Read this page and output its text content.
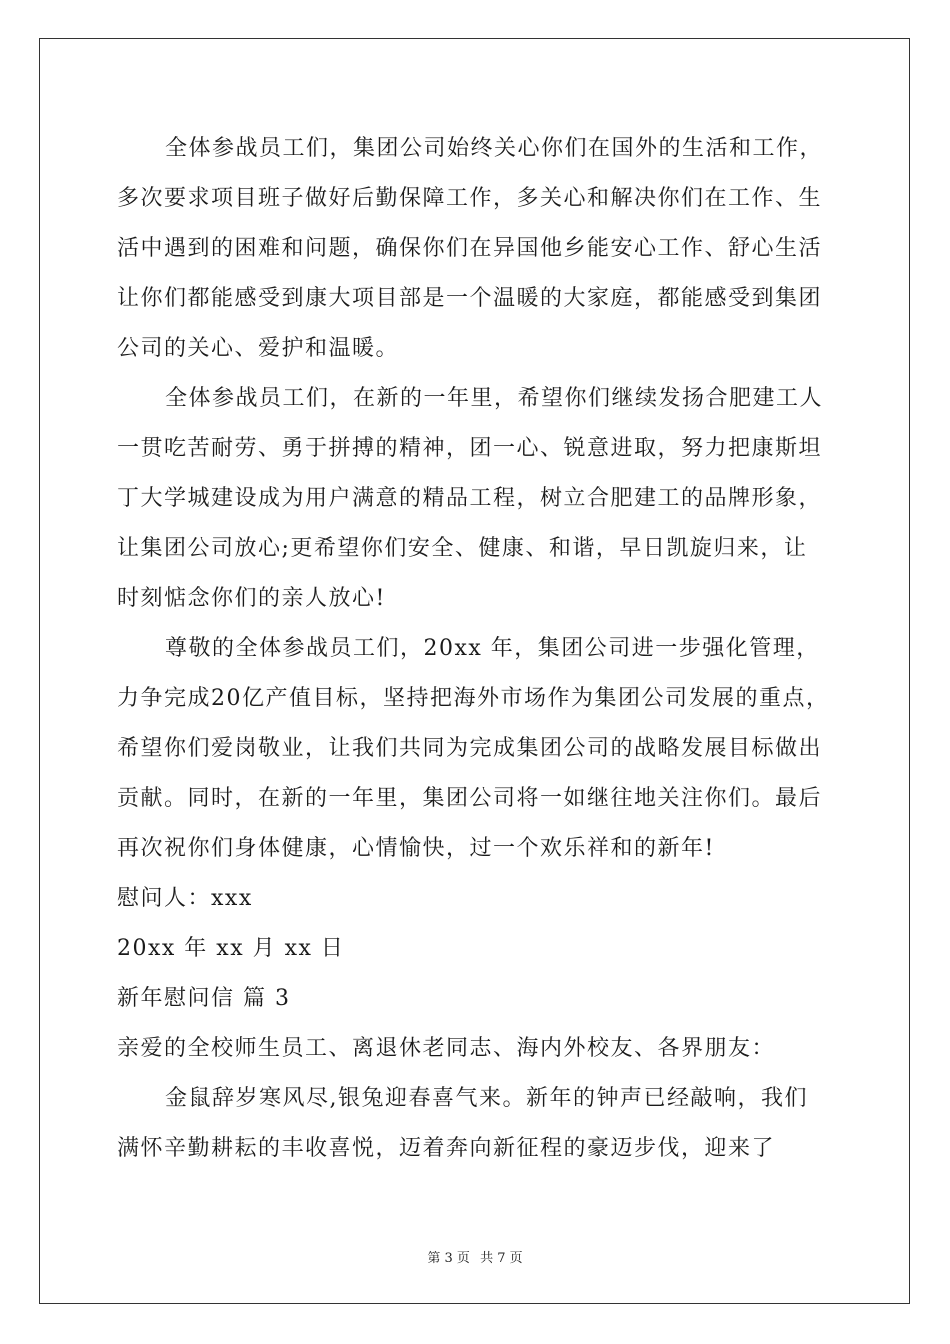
全体参战员工们，集团公司始终关心你们在国外的生活和工作，
多次要求项目班子做好后勤保障工作，多关心和解决你们在工作、生
活中遇到的困难和问题，确保你们在异国他乡能安心工作、舒心生活
让你们都能感受到康大项目部是一个温暖的大家庭，都能感受到集团
公司的关心、爱护和温暖。
全体参战员工们，在新的一年里，希望你们继续发扬合肥建工人
一贯吃苦耐劳、勇于拼搏的精神，团一心、锐意进取，努力把康斯坦
丁大学城建设成为用户满意的精品工程，树立合肥建工的品牌形象，
让集团公司放心;更希望你们安全、健康、和谐，早日凯旋归来，让
时刻惦念你们的亲人放心!
尊敬的全体参战员工们，20xx 年，集团公司进一步强化管理，
力争完成20亿产值目标，坚持把海外市场作为集团公司发展的重点，
希望你们爱岗敬业，让我们共同为完成集团公司的战略发展目标做出
贡献。同时，在新的一年里，集团公司将一如继往地关注你们。最后
再次祝你们身体健康，心情愉快，过一个欢乐祥和的新年!
慰问人：xxx
20xx 年 xx 月 xx 日
新年慰问信 篇 3
亲爱的全校师生员工、离退休老同志、海内外校友、各界朋友：
金鼠辞岁寒风尽,银兔迎春喜气来。新年的钟声已经敲响，我们
满怀辛勤耕耘的丰收喜悦，迈着奔向新征程的豪迈步伐，迎来了
第 3 页 共 7 页
